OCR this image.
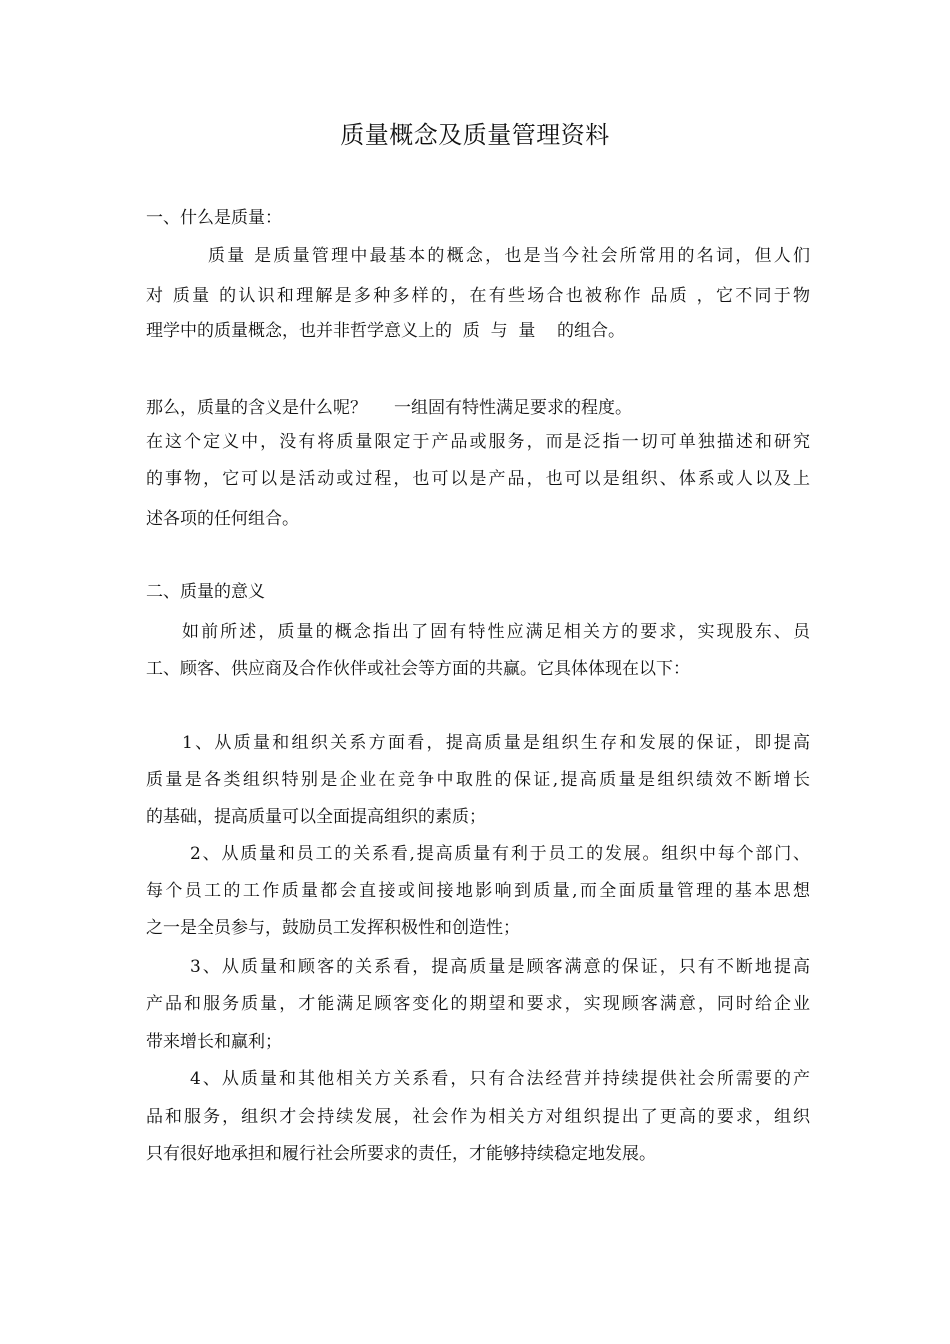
质量概念及质量管理资料
一、什么是质量：
质量 是质量管理中最基本的概念，也是当今社会所常用的名词，但人们
对 质量 的认识和理解是多种多样的，在有些场合也被称作 品质 ，它不同于物
理学中的质量概念，也并非哲学意义上的  质  与  量    的组合。
那么，质量的含义是什么呢？     一组固有特性满足要求的程度。
在这个定义中，没有将质量限定于产品或服务，而是泛指一切可单独描述和研究
的事物，它可以是活动或过程，也可以是产品，也可以是组织、体系或人以及上
述各项的任何组合。
二、质量的意义
如前所述，质量的概念指出了固有特性应满足相关方的要求，实现股东、员
工、顾客、供应商及合作伙伴或社会等方面的共赢。它具体体现在以下：
1、从质量和组织关系方面看，提高质量是组织生存和发展的保证，即提高
质量是各类组织特别是企业在竞争中取胜的保证,提高质量是组织绩效不断增长
的基础，提高质量可以全面提高组织的素质；
2、从质量和员工的关系看,提高质量有利于员工的发展。组织中每个部门、
每个员工的工作质量都会直接或间接地影响到质量,而全面质量管理的基本思想
之一是全员参与，鼓励员工发挥积极性和创造性；
3、从质量和顾客的关系看，提高质量是顾客满意的保证，只有不断地提高
产品和服务质量，才能满足顾客变化的期望和要求，实现顾客满意，同时给企业
带来增长和赢利；
4、从质量和其他相关方关系看，只有合法经营并持续提供社会所需要的产
品和服务，组织才会持续发展，社会作为相关方对组织提出了更高的要求，组织
只有很好地承担和履行社会所要求的责任，才能够持续稳定地发展。
